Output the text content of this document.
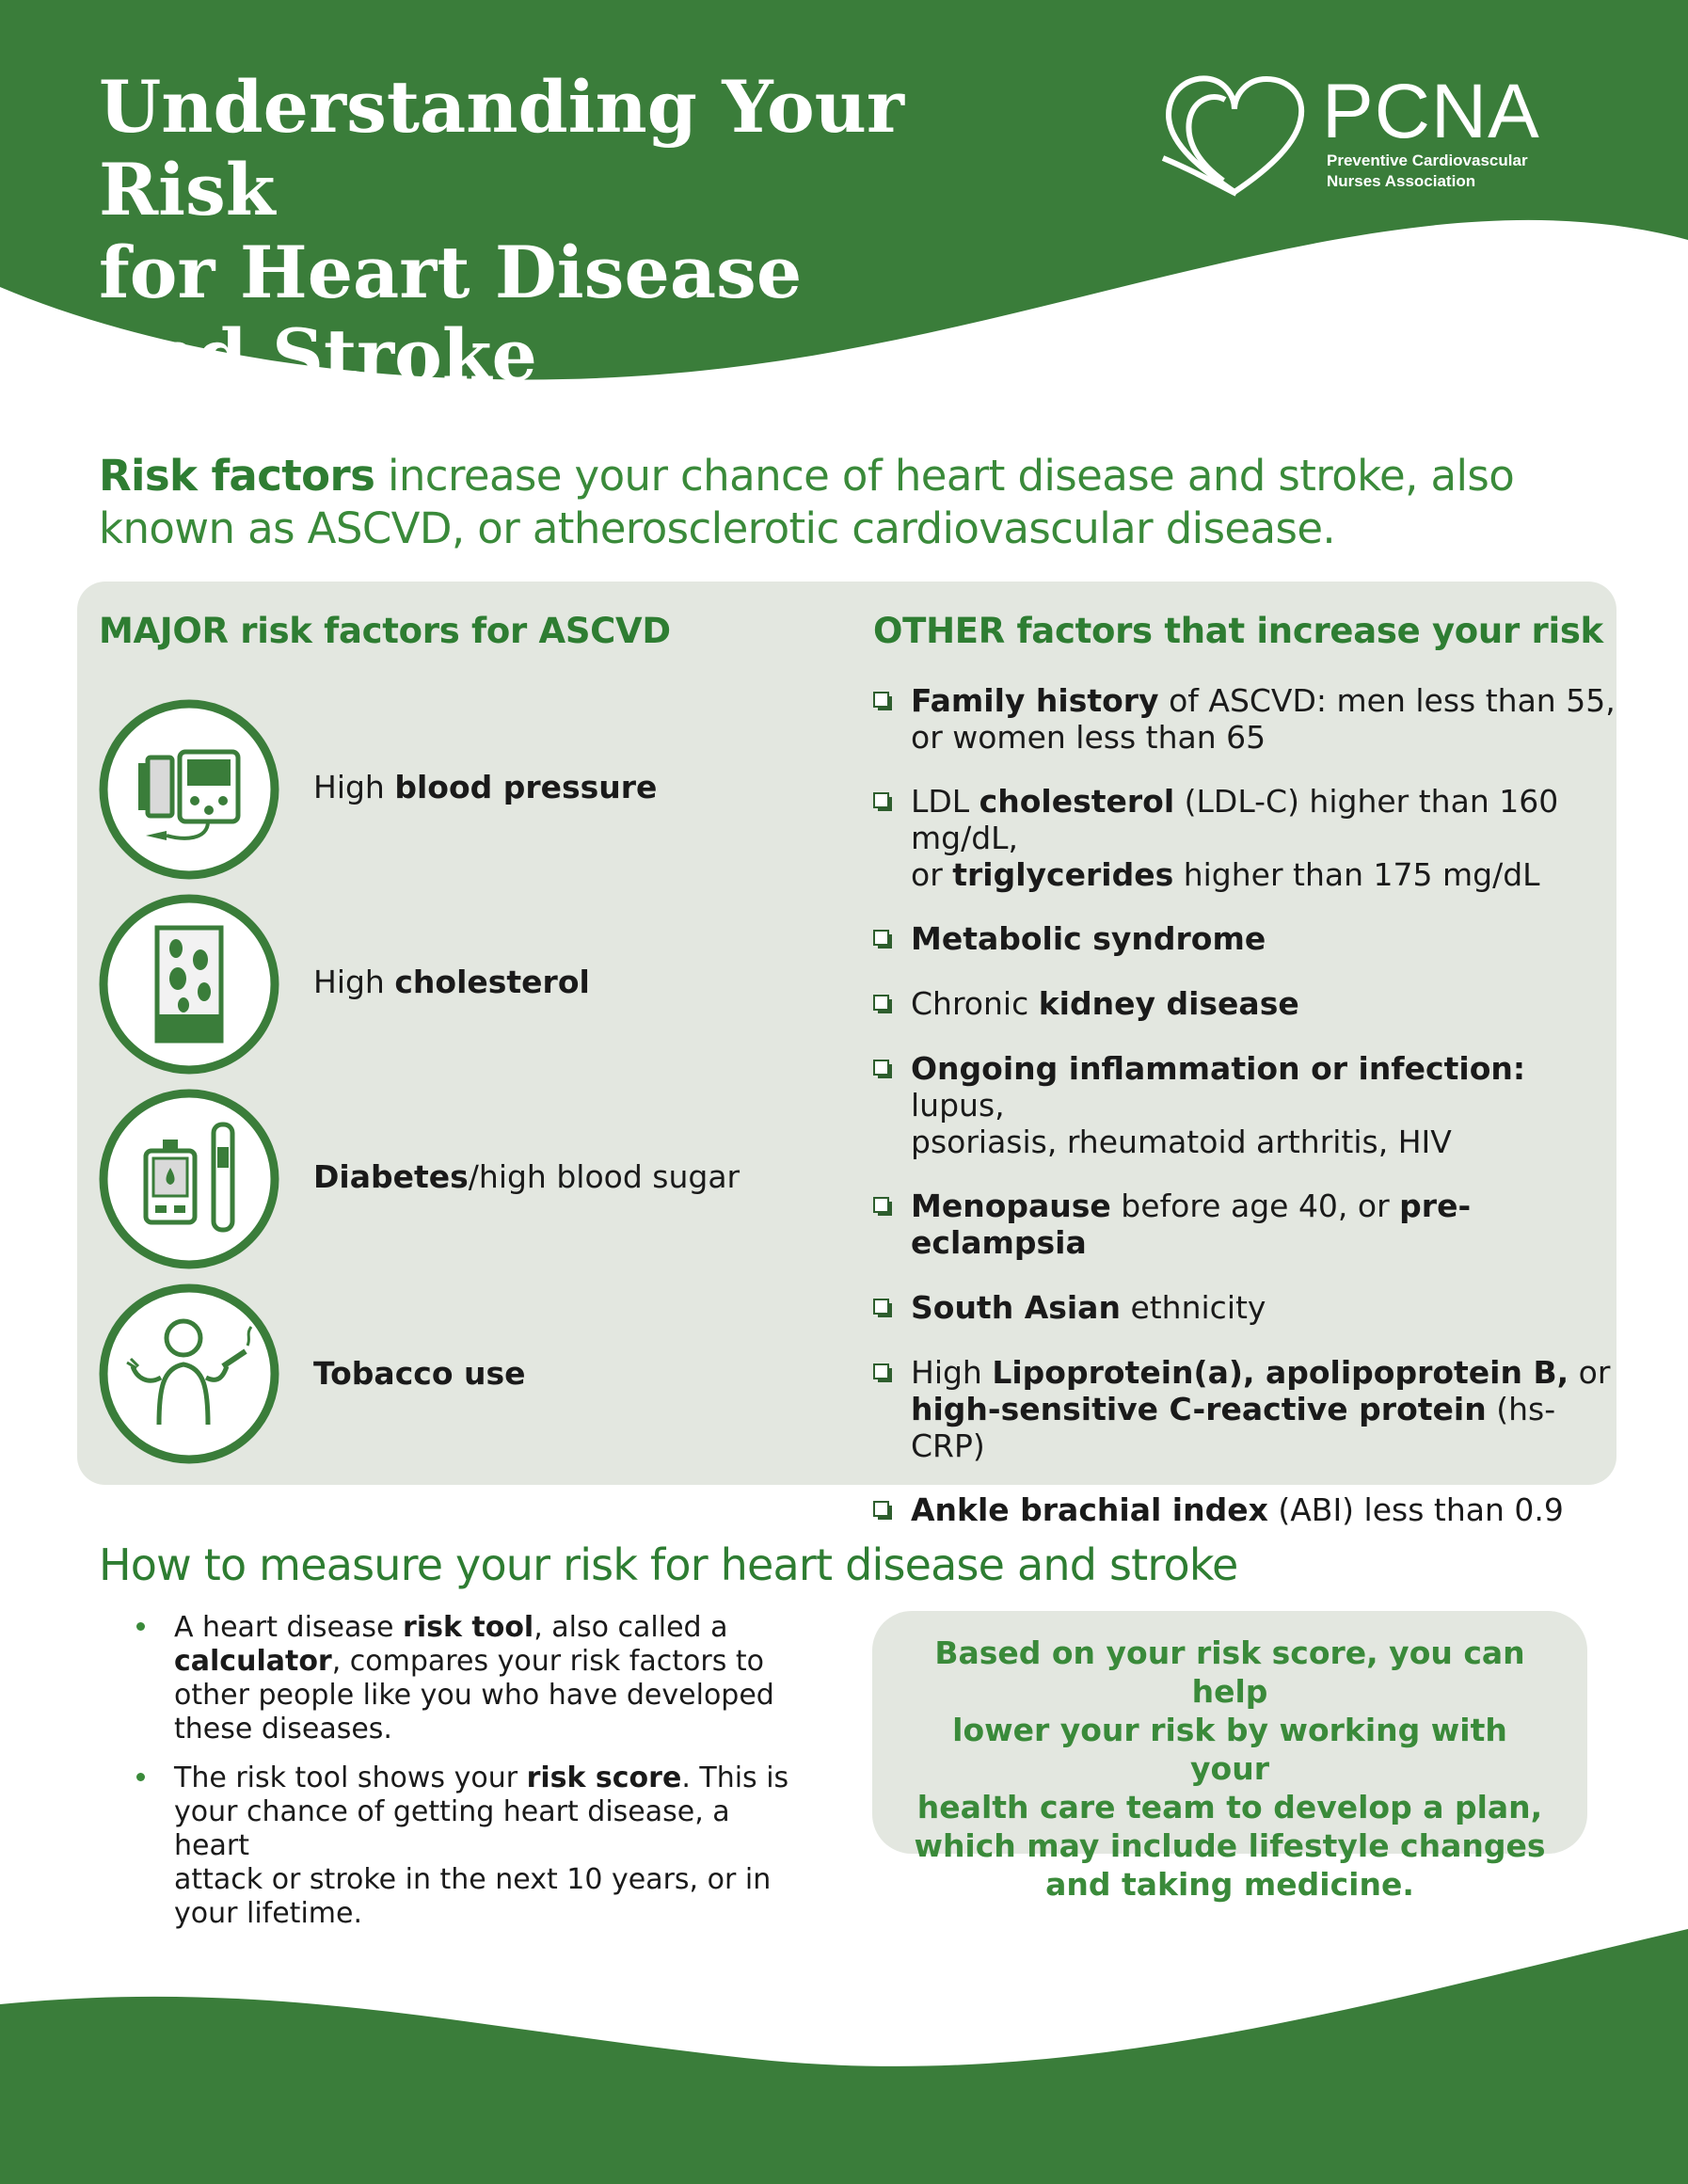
Understanding Your Risk
for Heart Disease
and Stroke
PCNA
Preventive Cardiovascular
Nurses Association

Risk factors increase your chance of heart disease and stroke, also known as ASCVD, or atherosclerotic cardiovascular disease.

MAJOR risk factors for ASCVD	OTHER factors that increase your risk
High blood pressure
High cholesterol
Diabetes/high blood sugar
Tobacco use
Family history of ASCVD: men less than 55,
or women less than 65
LDL cholesterol (LDL-C) higher than 160 mg/dL,
or triglycerides higher than 175 mg/dL
Metabolic syndrome
Chronic kidney disease
Ongoing inflammation or infection: lupus,
psoriasis, rheumatoid arthritis, HIV
Menopause before age 40, or pre-eclampsia
South Asian ethnicity
High Lipoprotein(a), apolipoprotein B, or
high-sensitive C-reactive protein (hs-CRP)
Ankle brachial index (ABI) less than 0.9
How to measure your risk for heart disease and stroke
A heart disease risk tool, also called a
calculator, compares your risk factors to
other people like you who have developed
these diseases.
The risk tool shows your risk score. This is
your chance of getting heart disease, a heart
attack or stroke in the next 10 years, or in
your lifetime.

Based on your risk score, you can help
lower your risk by working with your
health care team to develop a plan,
which may include lifestyle changes
and taking medicine.
